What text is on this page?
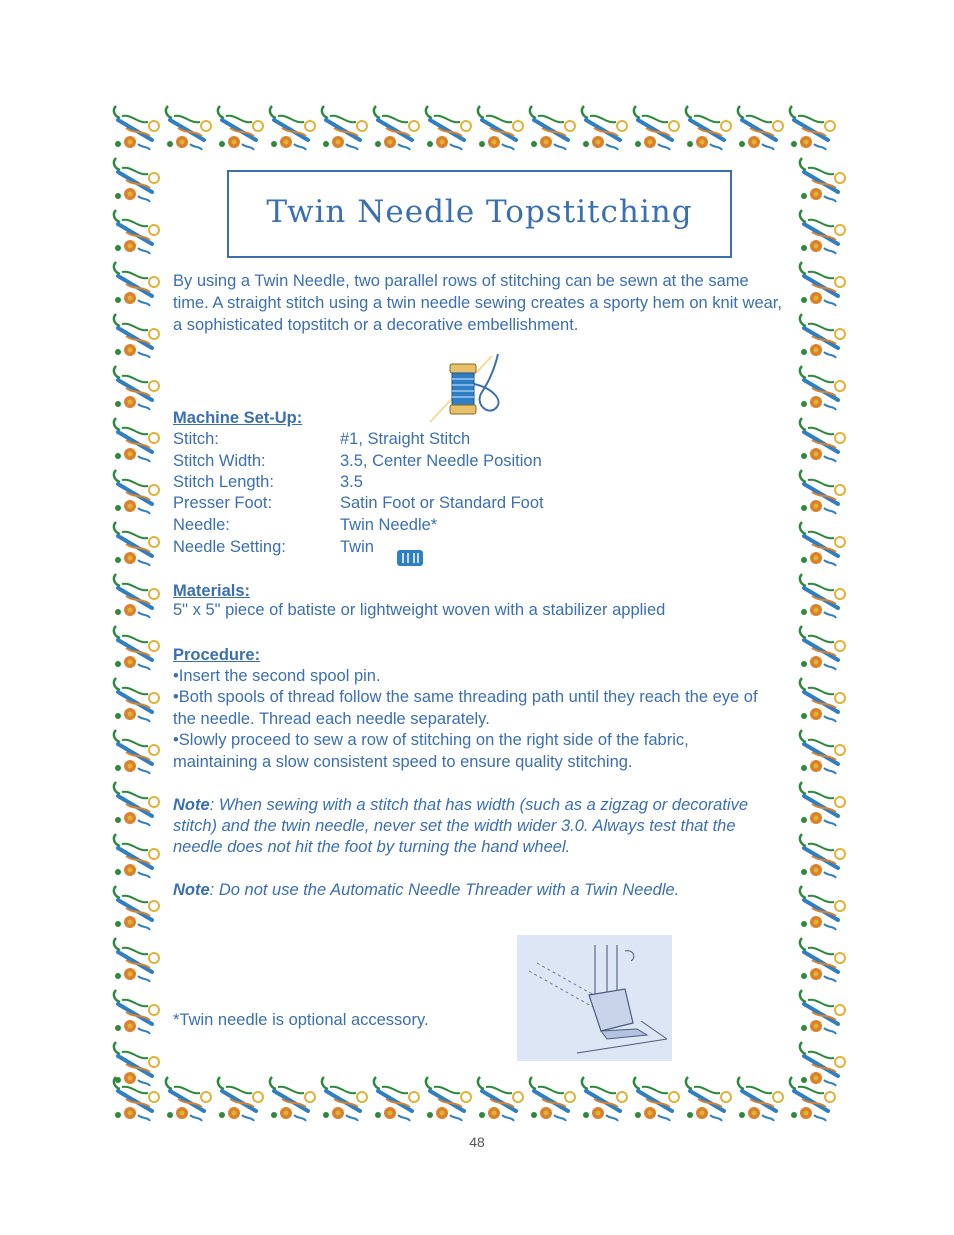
Twin Needle Topstitching
By using a Twin Needle, two parallel rows of stitching can be sewn at the same time. A straight stitch using a twin needle sewing creates a sporty hem on knit wear, a sophisticated topstitch or a decorative embellishment.
Machine Set-Up:
Stitch:	#1, Straight Stitch
Stitch Width:	3.5, Center Needle Position
Stitch Length:	3.5
Presser Foot:	Satin Foot or Standard Foot
Needle:	Twin Needle*
Needle Setting:	Twin
Materials:
5" x 5" piece of batiste or lightweight woven with a stabilizer applied
Procedure:
•Insert the second spool pin.
•Both spools of thread follow the same threading path until they reach the eye of the needle. Thread each needle separately.
•Slowly proceed to sew a row of stitching on the right side of the fabric, maintaining a slow consistent speed to ensure quality stitching.
Note: When sewing with a stitch that has width (such as a zigzag or decorative stitch) and the twin needle, never set the width wider 3.0. Always test that the needle does not hit the foot by turning the hand wheel.
Note: Do not use the Automatic Needle Threader with a Twin Needle.
*Twin needle is optional accessory.
48
